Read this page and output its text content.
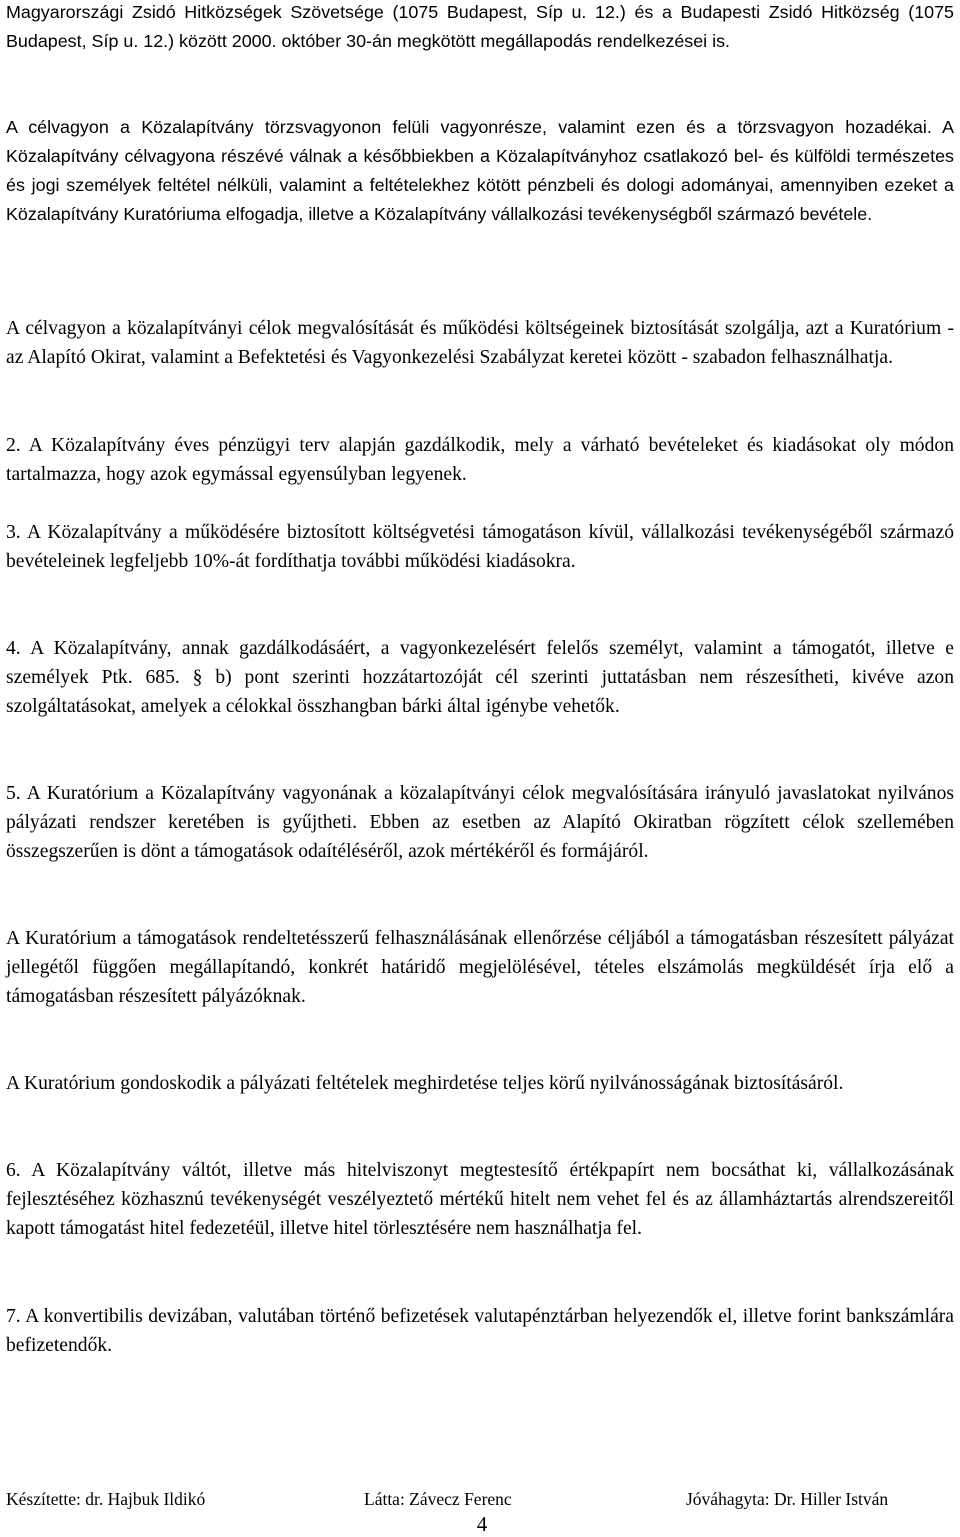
Magyarországi Zsidó Hitközségek Szövetsége (1075 Budapest, Síp u. 12.) és a Budapesti Zsidó Hitközség (1075 Budapest, Síp u. 12.) között 2000. október 30-án megkötött megállapodás rendelkezései is.

A célvagyon a Közalapítvány törzsvagyonon felüli vagyonrésze, valamint ezen és a törzsvagyon hozadékai. A Közalapítvány célvagyona részévé válnak a későbbiekben a Közalapítványhoz csatlakozó bel- és külföldi természetes és jogi személyek feltétel nélküli, valamint a feltételekhez kötött pénzbeli és dologi adományai, amennyiben ezeket a Közalapítvány Kuratóriuma elfogadja, illetve a Közalapítvány vállalkozási tevékenységből származó bevétele.

A célvagyon a közalapítványi célok megvalósítását és működési költségeinek biztosítását szolgálja, azt a Kuratórium - az Alapító Okirat, valamint a Befektetési és Vagyonkezelési Szabályzat keretei között - szabadon felhasználhatja.

2. A Közalapítvány éves pénzügyi terv alapján gazdálkodik, mely a várható bevételeket és kiadásokat oly módon tartalmazza, hogy azok egymással egyensúlyban legyenek.

3. A Közalapítvány a működésére biztosított költségvetési támogatáson kívül, vállalkozási tevékenységéből származó bevételeinek legfeljebb 10%-át fordíthatja további működési kiadásokra.

4. A Közalapítvány, annak gazdálkodásáért, a vagyonkezelésért felelős személyt, valamint a támogatót, illetve e személyek Ptk. 685. § b) pont szerinti hozzátartozóját cél szerinti juttatásban nem részesítheti, kivéve azon szolgáltatásokat, amelyek a célokkal összhangban bárki által igénybe vehetők.

5. A Kuratórium a Közalapítvány vagyonának a közalapítványi célok megvalósítására irányuló javaslatokat nyilvános pályázati rendszer keretében is gyűjtheti. Ebben az esetben az Alapító Okiratban rögzített célok szellemében összegszerűen is dönt a támogatások odaítéléséről, azok mértékéről és formájáról.

A Kuratórium a támogatások rendeltetésszerű felhasználásának ellenőrzése céljából a támogatásban részesített pályázat jellegétől függően megállapítandó, konkrét határidő megjelölésével, tételes elszámolás megküldését írja elő a támogatásban részesített pályázóknak.

A Kuratórium gondoskodik a pályázati feltételek meghirdetése teljes körű nyilvánosságának biztosításáról.

6. A Közalapítvány váltót, illetve más hitelviszonyt megtestesítő értékpapírt nem bocsáthat ki, vállalkozásának fejlesztéséhez közhasznú tevékenységét veszélyeztető mértékű hitelt nem vehet fel és az államháztartás alrendszereitől kapott támogatást hitel fedezetéül, illetve hitel törlesztésére nem használhatja fel.

7. A konvertibilis devizában, valutában történő befizetések valutapénztárban helyezendők el, illetve forint bankszámlára befizetendők.

Készítette: dr. Hajbuk Ildikó	Látta: Závecz Ferenc	Jóváhagyta: Dr. Hiller István
4
